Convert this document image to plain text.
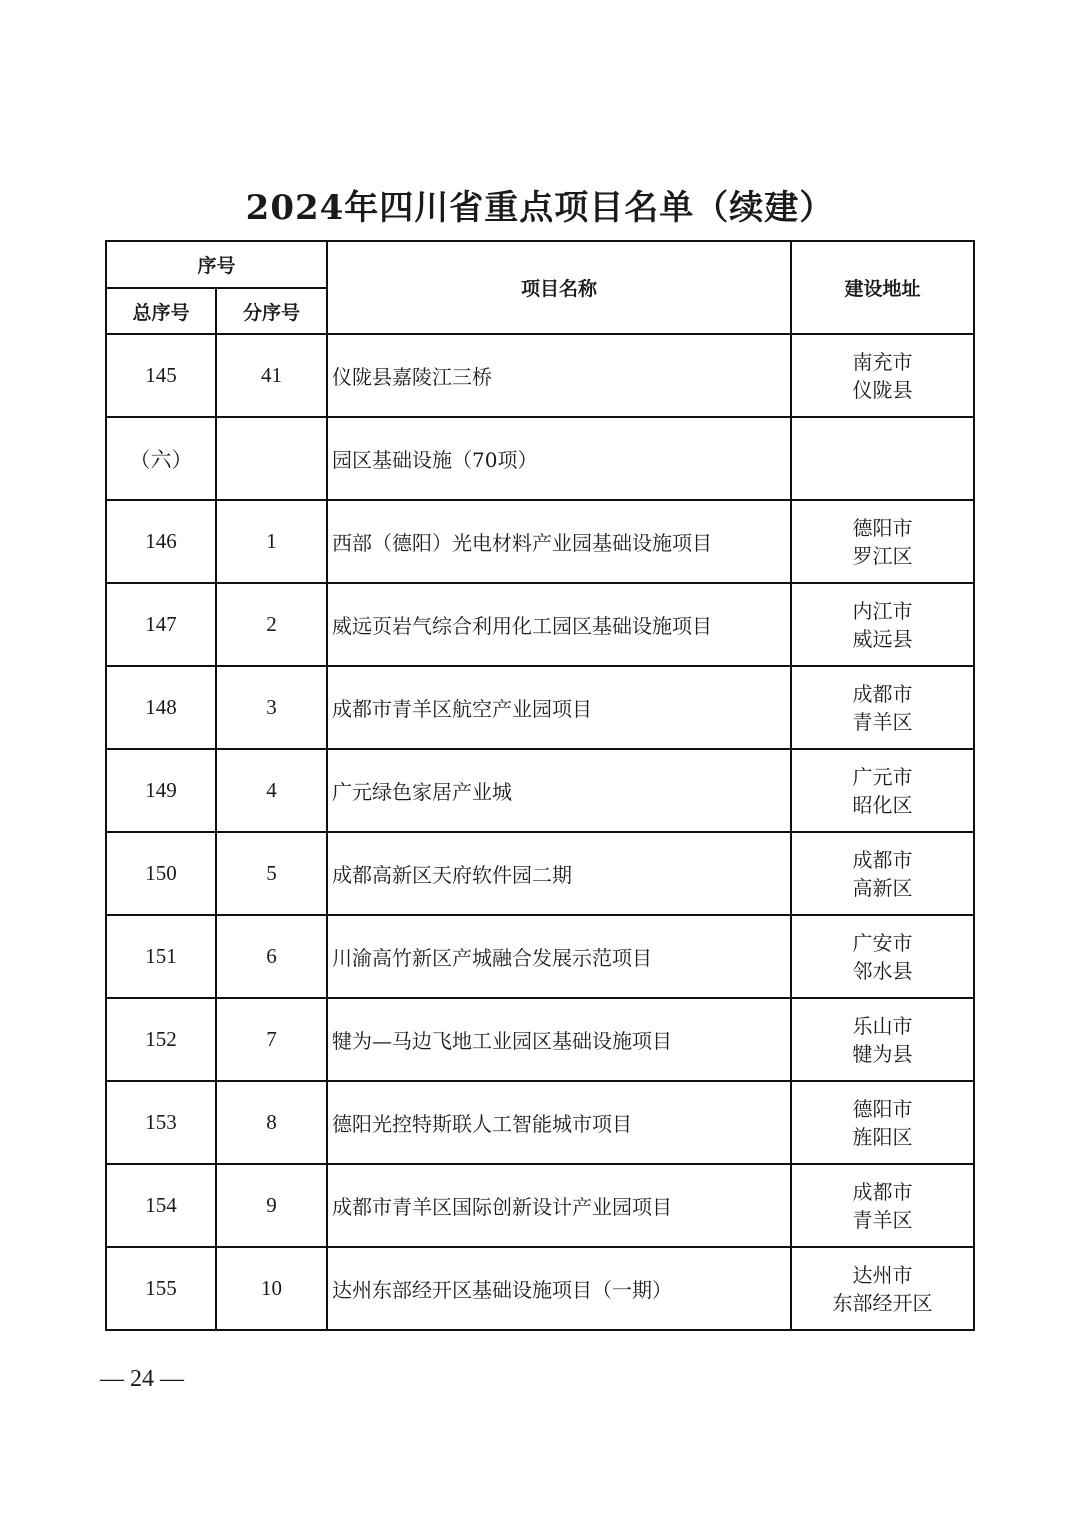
2024年四川省重点项目名单（续建）
序号		项目名称	建设地址
总序号	分序号		
145	41	仪陇县嘉陵江三桥	南充市
仪陇县

（六）		园区基础设施（70项）	

146	1	西部（德阳）光电材料产业园基础设施项目	德阳市
罗江区

147	2	威远页岩气综合利用化工园区基础设施项目	内江市
威远县

148	3	成都市青羊区航空产业园项目	成都市
青羊区

149	4	广元绿色家居产业城	广元市
昭化区

150	5	成都高新区天府软件园二期	成都市
高新区

151	6	川渝高竹新区产城融合发展示范项目	广安市
邻水县

152	7	犍为—马边飞地工业园区基础设施项目	乐山市
犍为县

153	8	德阳光控特斯联人工智能城市项目	德阳市
旌阳区

154	9	成都市青羊区国际创新设计产业园项目	成都市
青羊区

155	10	达州东部经开区基础设施项目（一期）	达州市
东部经开区
— 24 —
